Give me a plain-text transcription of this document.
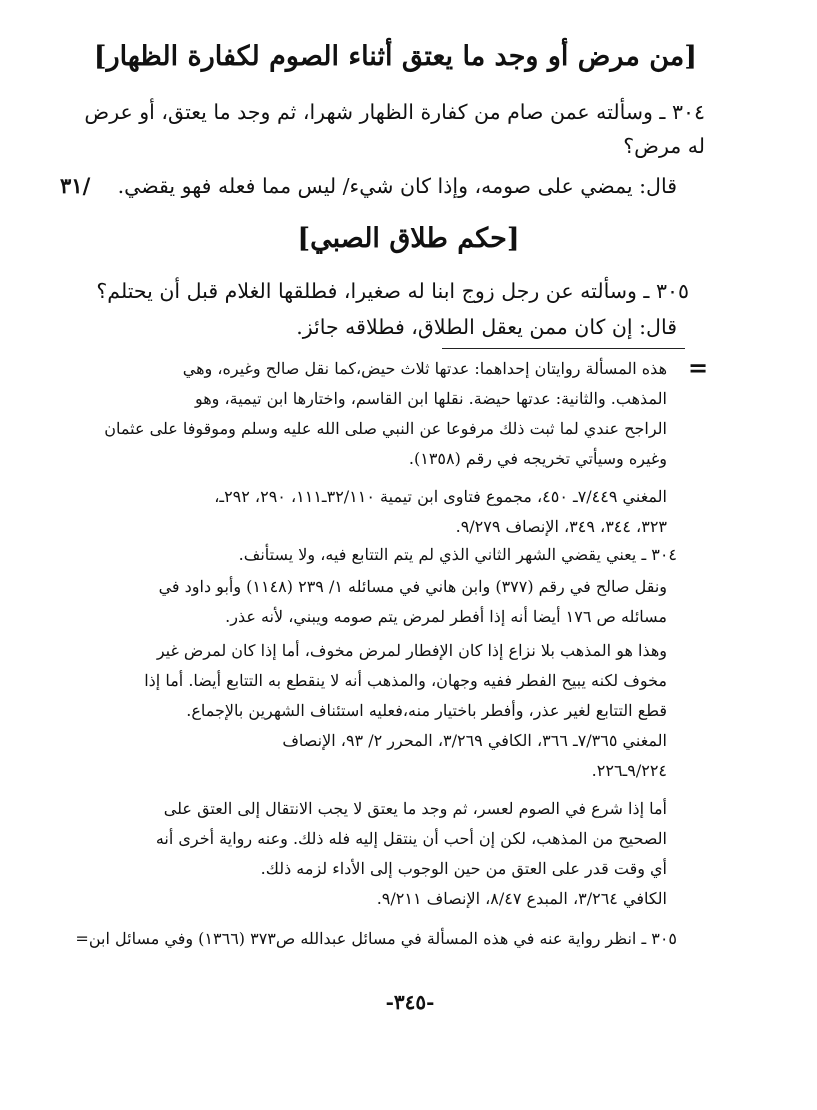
[من مرض أو وجد ما يعتق أثناء الصوم لكفارة الظهار]
٣٠٤ ـ وسألته عمن صام من كفارة الظهار شهرا، ثم وجد ما يعتق، أو عرض
له مرض؟
قال: يمضي على صومه، وإذا كان شيء/ ليس مما فعله فهو يقضي.
/۳۱
[حكم طلاق الصبي]
٣٠٥ ـ وسألته عن رجل زوج ابنا له صغيرا، فطلقها الغلام قبل أن يحتلم؟
قال: إن كان ممن يعقل الطلاق، فطلاقه جائز.
=
هذه المسألة روايتان إحداهما: عدتها ثلاث حيض،كما نقل صالح وغيره، وهي
المذهب. والثانية: عدتها حيضة. نقلها ابن القاسم، واختارها ابن تيمية، وهو
الراجح عندي لما ثبت ذلك مرفوعا عن النبي صلى الله عليه وسلم وموقوفا على عثمان
وغيره وسيأتي تخريجه في رقم (١٣٥٨).
المغني ٧/٤٤٩ـ ٤٥٠، مجموع فتاوى ابن تيمية ٣٢/١١٠ـ١١١، ٢٩٠، ٢٩٢ـ،
٣٢٣، ٣٤٤، ٣٤٩، الإنصاف ٩/٢٧٩.
٣٠٤ ـ يعني يقضي الشهر الثاني الذي لم يتم التتابع فيه، ولا يستأنف.
ونقل صالح في رقم (٣٧٧) وابن هاني في مسائله ١/ ٢٣٩ (١١٤٨) وأبو داود في
مسائله ص ١٧٦ أيضا أنه إذا أفطر لمرض يتم صومه ويبني، لأنه عذر.
وهذا هو المذهب بلا نزاع إذا كان الإفطار لمرض مخوف، أما إذا كان لمرض غير
مخوف لكنه يبيح الفطر ففيه وجهان، والمذهب أنه لا ينقطع به التتابع أيضا. أما إذا
قطع التتابع لغير عذر، وأفطر باختيار منه،فعليه استئناف الشهرين بالإجماع.
المغني ٧/٣٦٥ـ ٣٦٦، الكافي ٣/٢٦٩، المحرر ٢/ ٩٣، الإنصاف
٩/٢٢٤ـ٢٢٦.
أما إذا شرع في الصوم لعسر، ثم وجد ما يعتق لا يجب الانتقال إلى العتق على
الصحيح من المذهب، لكن إن أحب أن ينتقل إليه فله ذلك. وعنه رواية أخرى أنه
أي وقت قدر على العتق من حين الوجوب إلى الأداء لزمه ذلك.
الكافي ٣/٢٦٤، المبدع ٨/٤٧، الإنصاف ٩/٢١١.
٣٠٥ ـ انظر رواية عنه في هذه المسألة في مسائل عبدالله ص٣٧٣ (١٣٦٦) وفي مسائل ابن=
-٣٤٥-
